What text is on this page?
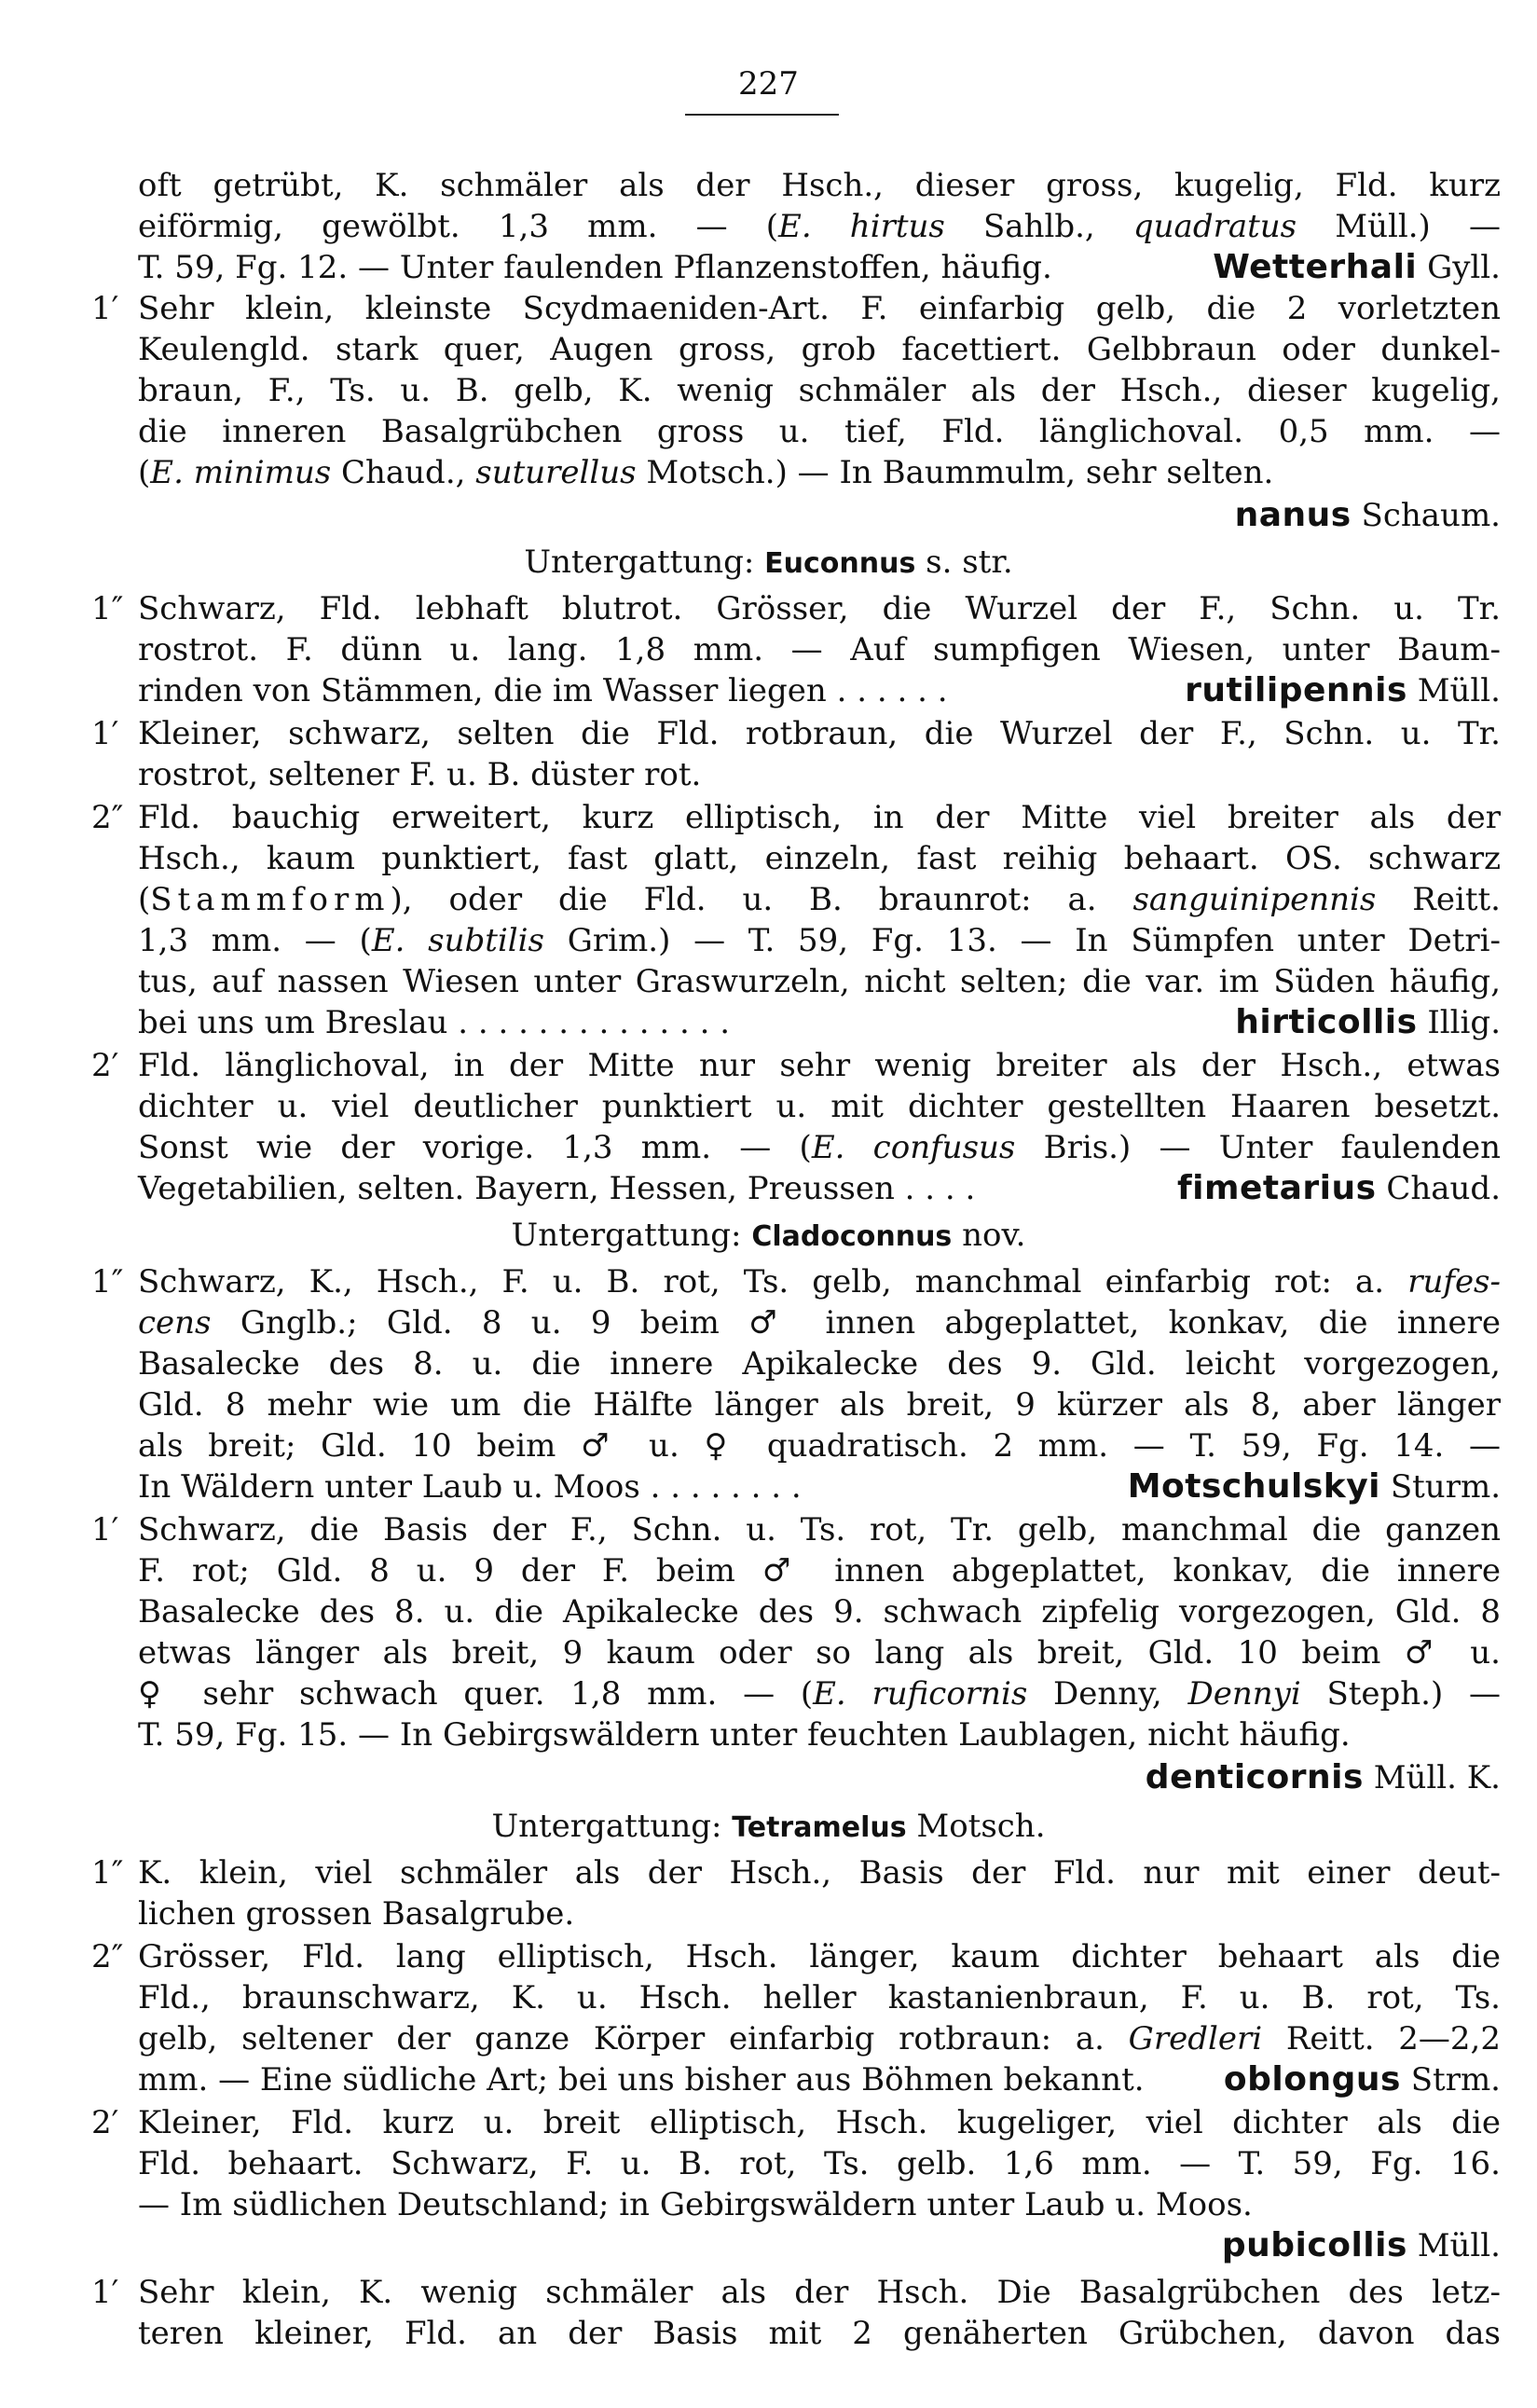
227
oft getrübt, K. schmäler als der Hsch., dieser gross, kugelig, Fld. kurz
eiförmig, gewölbt. 1,3 mm. — (E. hirtus Sahlb., quadratus Müll.) —
T. 59, Fg. 12. — Unter faulenden Pflanzenstoffen, häufig.	Wetterhali Gyll.
1′ Sehr klein, kleinste Scydmaeniden-Art. F. einfarbig gelb, die 2 vorletzten
Keulengld. stark quer, Augen gross, grob facettiert. Gelbbraun oder dunkel-
braun, F., Ts. u. B. gelb, K. wenig schmäler als der Hsch., dieser kugelig,
die inneren Basalgrübchen gross u. tief, Fld. länglichoval. 0,5 mm. —
(E. minimus Chaud., suturellus Motsch.) — In Baummulm, sehr selten.
nanus Schaum.
Untergattung: Euconnus s. str.
1″ Schwarz, Fld. lebhaft blutrot. Grösser, die Wurzel der F., Schn. u. Tr.
rostrot. F. dünn u. lang. 1,8 mm. — Auf sumpfigen Wiesen, unter Baum-
rinden von Stämmen, die im Wasser liegen . . . . . .	rutilipennis Müll.
1′ Kleiner, schwarz, selten die Fld. rotbraun, die Wurzel der F., Schn. u. Tr.
rostrot, seltener F. u. B. düster rot.
2″ Fld. bauchig erweitert, kurz elliptisch, in der Mitte viel breiter als der
Hsch., kaum punktiert, fast glatt, einzeln, fast reihig behaart. OS. schwarz
(Stammform), oder die Fld. u. B. braunrot: a. sanguinipennis Reitt.
1,3 mm. — (E. subtilis Grim.) — T. 59, Fg. 13. — In Sümpfen unter Detri-
tus, auf nassen Wiesen unter Graswurzeln, nicht selten; die var. im Süden häufig,
bei uns um Breslau . . . . . . . . . . . . . .	hirticollis Illig.
2′ Fld. länglichoval, in der Mitte nur sehr wenig breiter als der Hsch., etwas
dichter u. viel deutlicher punktiert u. mit dichter gestellten Haaren besetzt.
Sonst wie der vorige. 1,3 mm. — (E. confusus Bris.) — Unter faulenden
Vegetabilien, selten. Bayern, Hessen, Preussen . . . .	fimetarius Chaud.
Untergattung: Cladoconnus nov.
1″ Schwarz, K., Hsch., F. u. B. rot, Ts. gelb, manchmal einfarbig rot: a. rufes-
cens Gnglb.; Gld. 8 u. 9 beim ♂ innen abgeplattet, konkav, die innere
Basalecke des 8. u. die innere Apikalecke des 9. Gld. leicht vorgezogen,
Gld. 8 mehr wie um die Hälfte länger als breit, 9 kürzer als 8, aber länger
als breit; Gld. 10 beim ♂ u. ♀ quadratisch. 2 mm. — T. 59, Fg. 14. —
In Wäldern unter Laub u. Moos . . . . . . . .	Motschulskyi Sturm.
1′ Schwarz, die Basis der F., Schn. u. Ts. rot, Tr. gelb, manchmal die ganzen
F. rot; Gld. 8 u. 9 der F. beim ♂ innen abgeplattet, konkav, die innere
Basalecke des 8. u. die Apikalecke des 9. schwach zipfelig vorgezogen, Gld. 8
etwas länger als breit, 9 kaum oder so lang als breit, Gld. 10 beim ♂ u.
♀ sehr schwach quer. 1,8 mm. — (E. ruficornis Denny, Dennyi Steph.) —
T. 59, Fg. 15. — In Gebirgswäldern unter feuchten Laublagen, nicht häufig.
denticornis Müll. K.
Untergattung: Tetramelus Motsch.
1″ K. klein, viel schmäler als der Hsch., Basis der Fld. nur mit einer deut-
lichen grossen Basalgrube.
2″ Grösser, Fld. lang elliptisch, Hsch. länger, kaum dichter behaart als die
Fld., braunschwarz, K. u. Hsch. heller kastanienbraun, F. u. B. rot, Ts.
gelb, seltener der ganze Körper einfarbig rotbraun: a. Gredleri Reitt. 2—2,2
mm. — Eine südliche Art; bei uns bisher aus Böhmen bekannt. oblongus Strm.
2′ Kleiner, Fld. kurz u. breit elliptisch, Hsch. kugeliger, viel dichter als die
Fld. behaart. Schwarz, F. u. B. rot, Ts. gelb. 1,6 mm. — T. 59, Fg. 16.
— Im südlichen Deutschland; in Gebirgswäldern unter Laub u. Moos.
pubicollis Müll.
1′ Sehr klein, K. wenig schmäler als der Hsch. Die Basalgrübchen des letz-
teren kleiner, Fld. an der Basis mit 2 genäherten Grübchen, davon das
